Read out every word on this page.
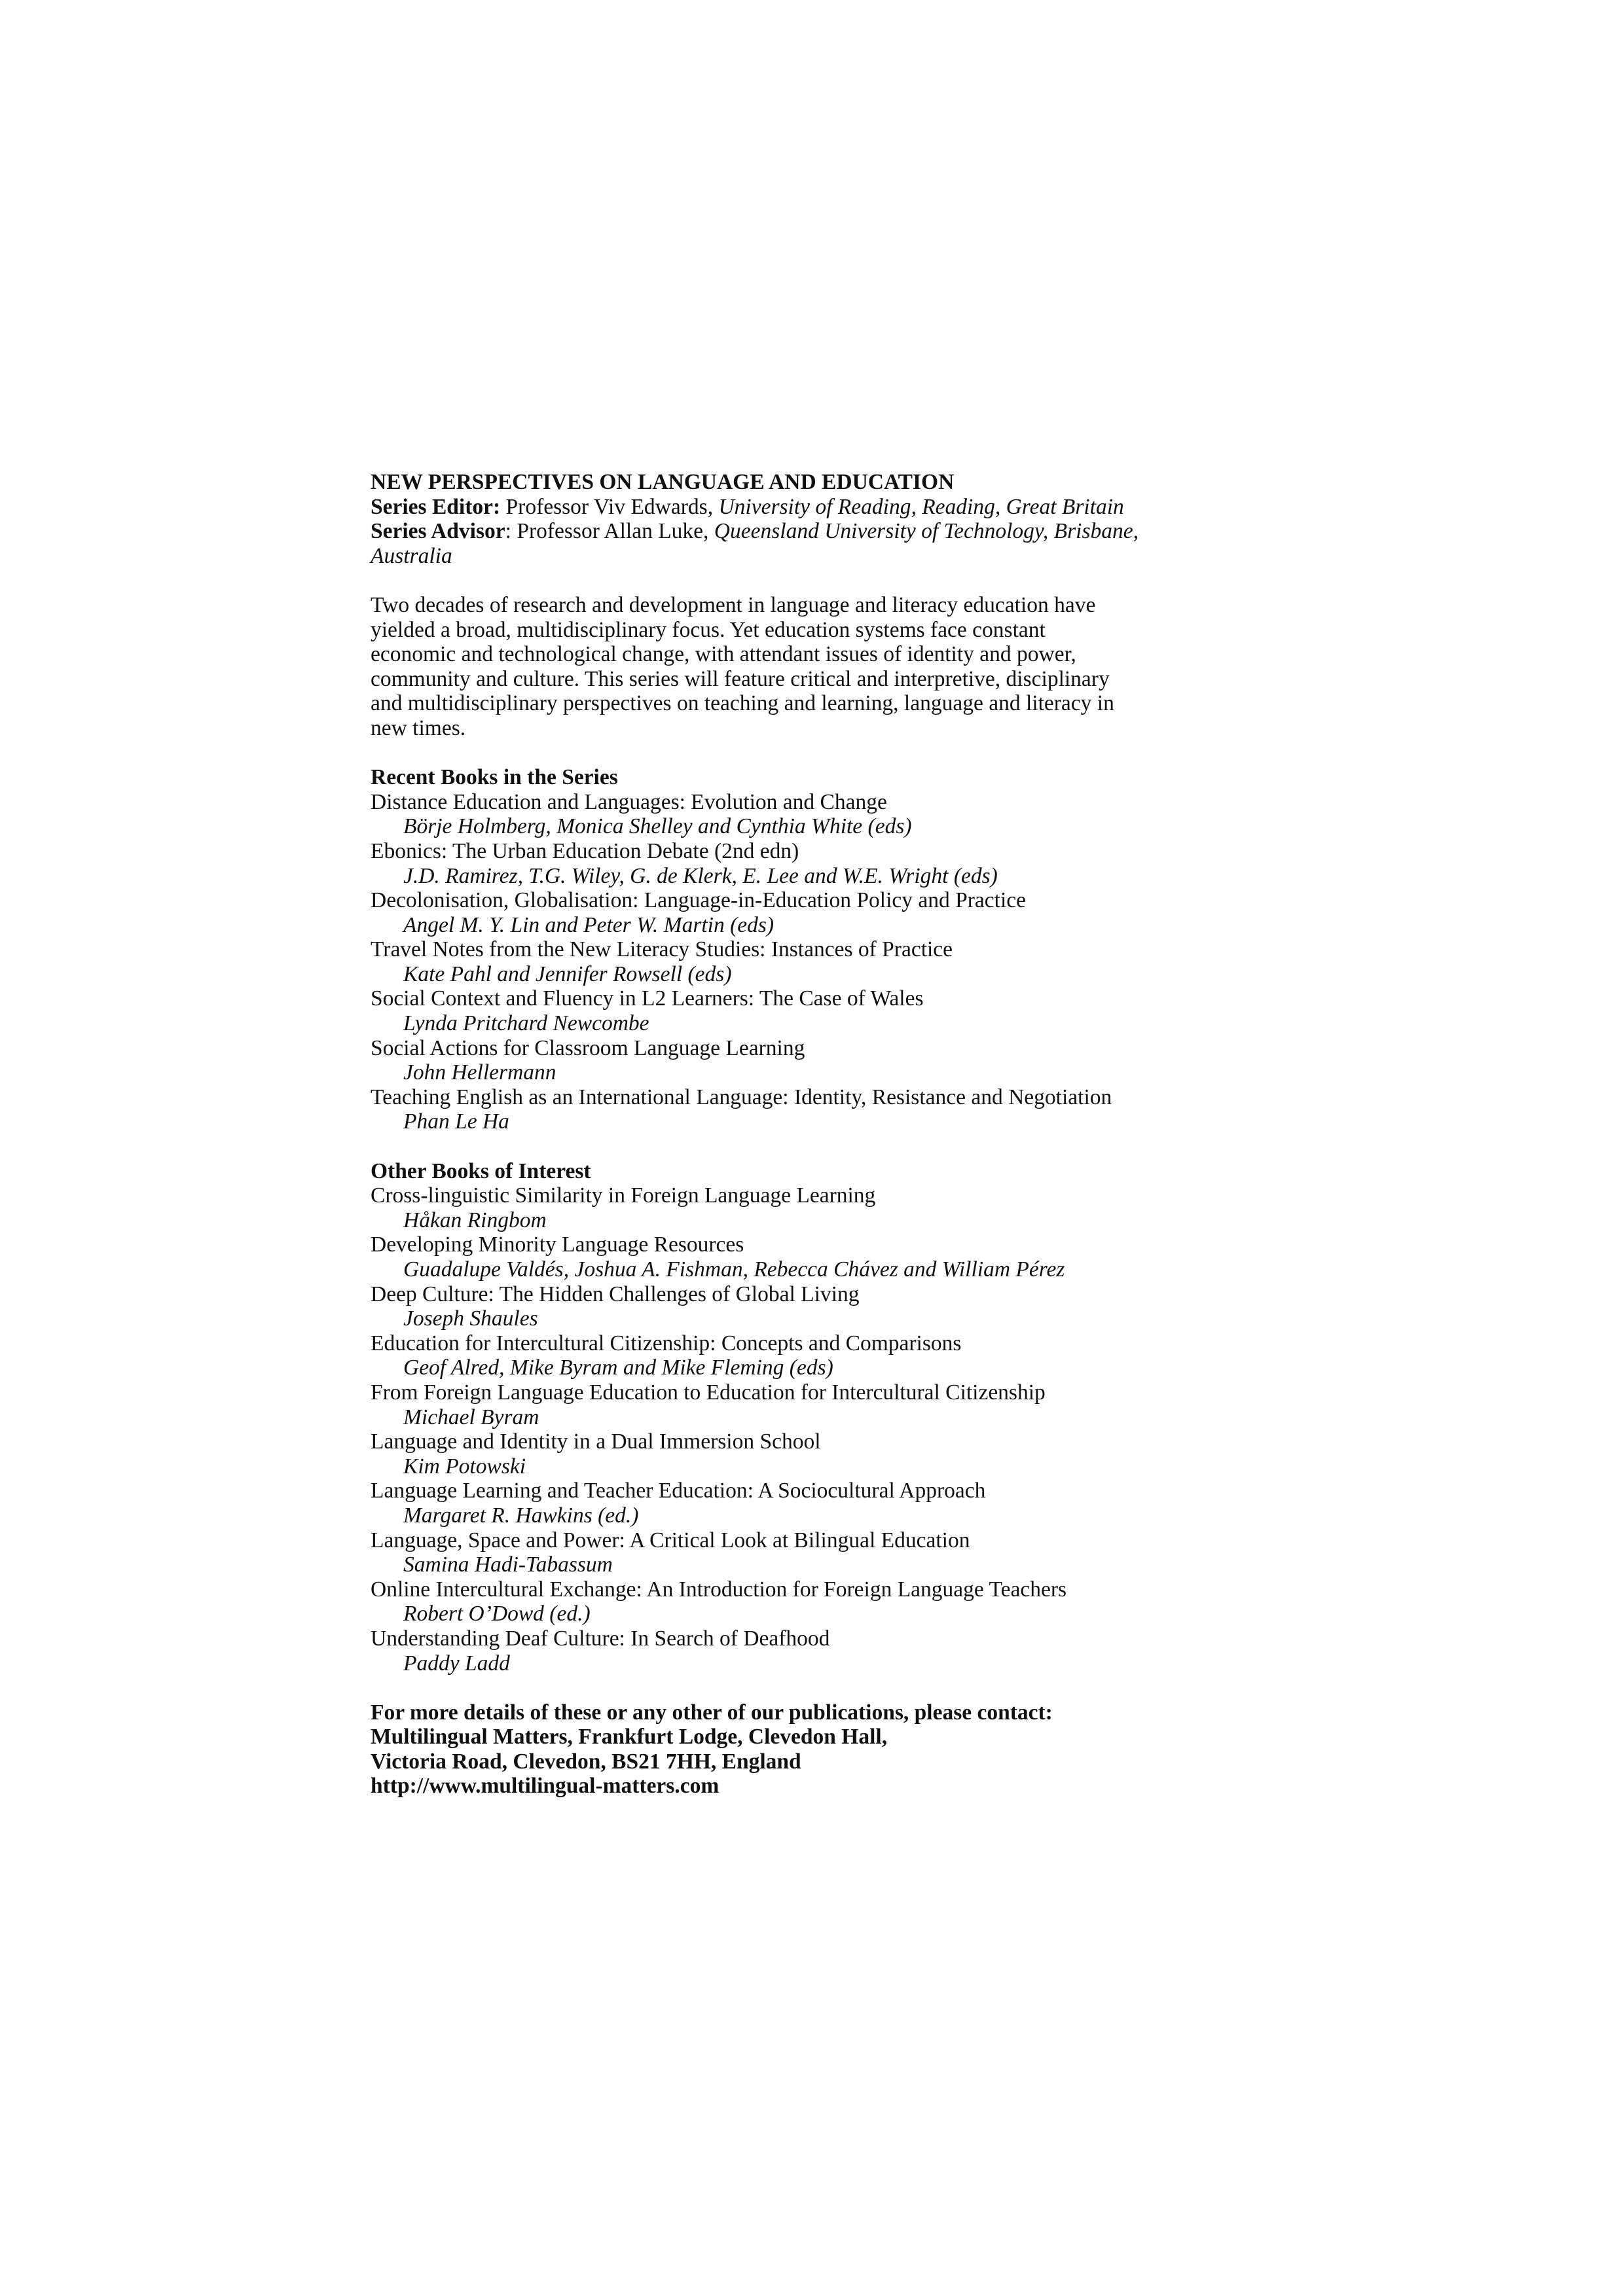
NEW PERSPECTIVES ON LANGUAGE AND EDUCATION
Series Editor: Professor Viv Edwards, University of Reading, Reading, Great Britain
Series Advisor: Professor Allan Luke, Queensland University of Technology, Brisbane,
Australia
Two decades of research and development in language and literacy education have
yielded a broad, multidisciplinary focus. Yet education systems face constant
economic and technological change, with attendant issues of identity and power,
community and culture. This series will feature critical and interpretive, disciplinary
and multidisciplinary perspectives on teaching and learning, language and literacy in
new times.
Recent Books in the Series
Distance Education and Languages: Evolution and Change
Börje Holmberg, Monica Shelley and Cynthia White (eds)
Ebonics: The Urban Education Debate (2nd edn)
J.D. Ramirez, T.G. Wiley, G. de Klerk, E. Lee and W.E. Wright (eds)
Decolonisation, Globalisation: Language-in-Education Policy and Practice
Angel M. Y. Lin and Peter W. Martin (eds)
Travel Notes from the New Literacy Studies: Instances of Practice
Kate Pahl and Jennifer Rowsell (eds)
Social Context and Fluency in L2 Learners: The Case of Wales
Lynda Pritchard Newcombe
Social Actions for Classroom Language Learning
John Hellermann
Teaching English as an International Language: Identity, Resistance and Negotiation
Phan Le Ha
Other Books of Interest
Cross-linguistic Similarity in Foreign Language Learning
Håkan Ringbom
Developing Minority Language Resources
Guadalupe Valdés, Joshua A. Fishman, Rebecca Chávez and William Pérez
Deep Culture: The Hidden Challenges of Global Living
Joseph Shaules
Education for Intercultural Citizenship: Concepts and Comparisons
Geof Alred, Mike Byram and Mike Fleming (eds)
From Foreign Language Education to Education for Intercultural Citizenship
Michael Byram
Language and Identity in a Dual Immersion School
Kim Potowski
Language Learning and Teacher Education: A Sociocultural Approach
Margaret R. Hawkins (ed.)
Language, Space and Power: A Critical Look at Bilingual Education
Samina Hadi-Tabassum
Online Intercultural Exchange: An Introduction for Foreign Language Teachers
Robert O’Dowd (ed.)
Understanding Deaf Culture: In Search of Deafhood
Paddy Ladd
For more details of these or any other of our publications, please contact:
Multilingual Matters, Frankfurt Lodge, Clevedon Hall,
Victoria Road, Clevedon, BS21 7HH, England
http://www.multilingual-matters.com
